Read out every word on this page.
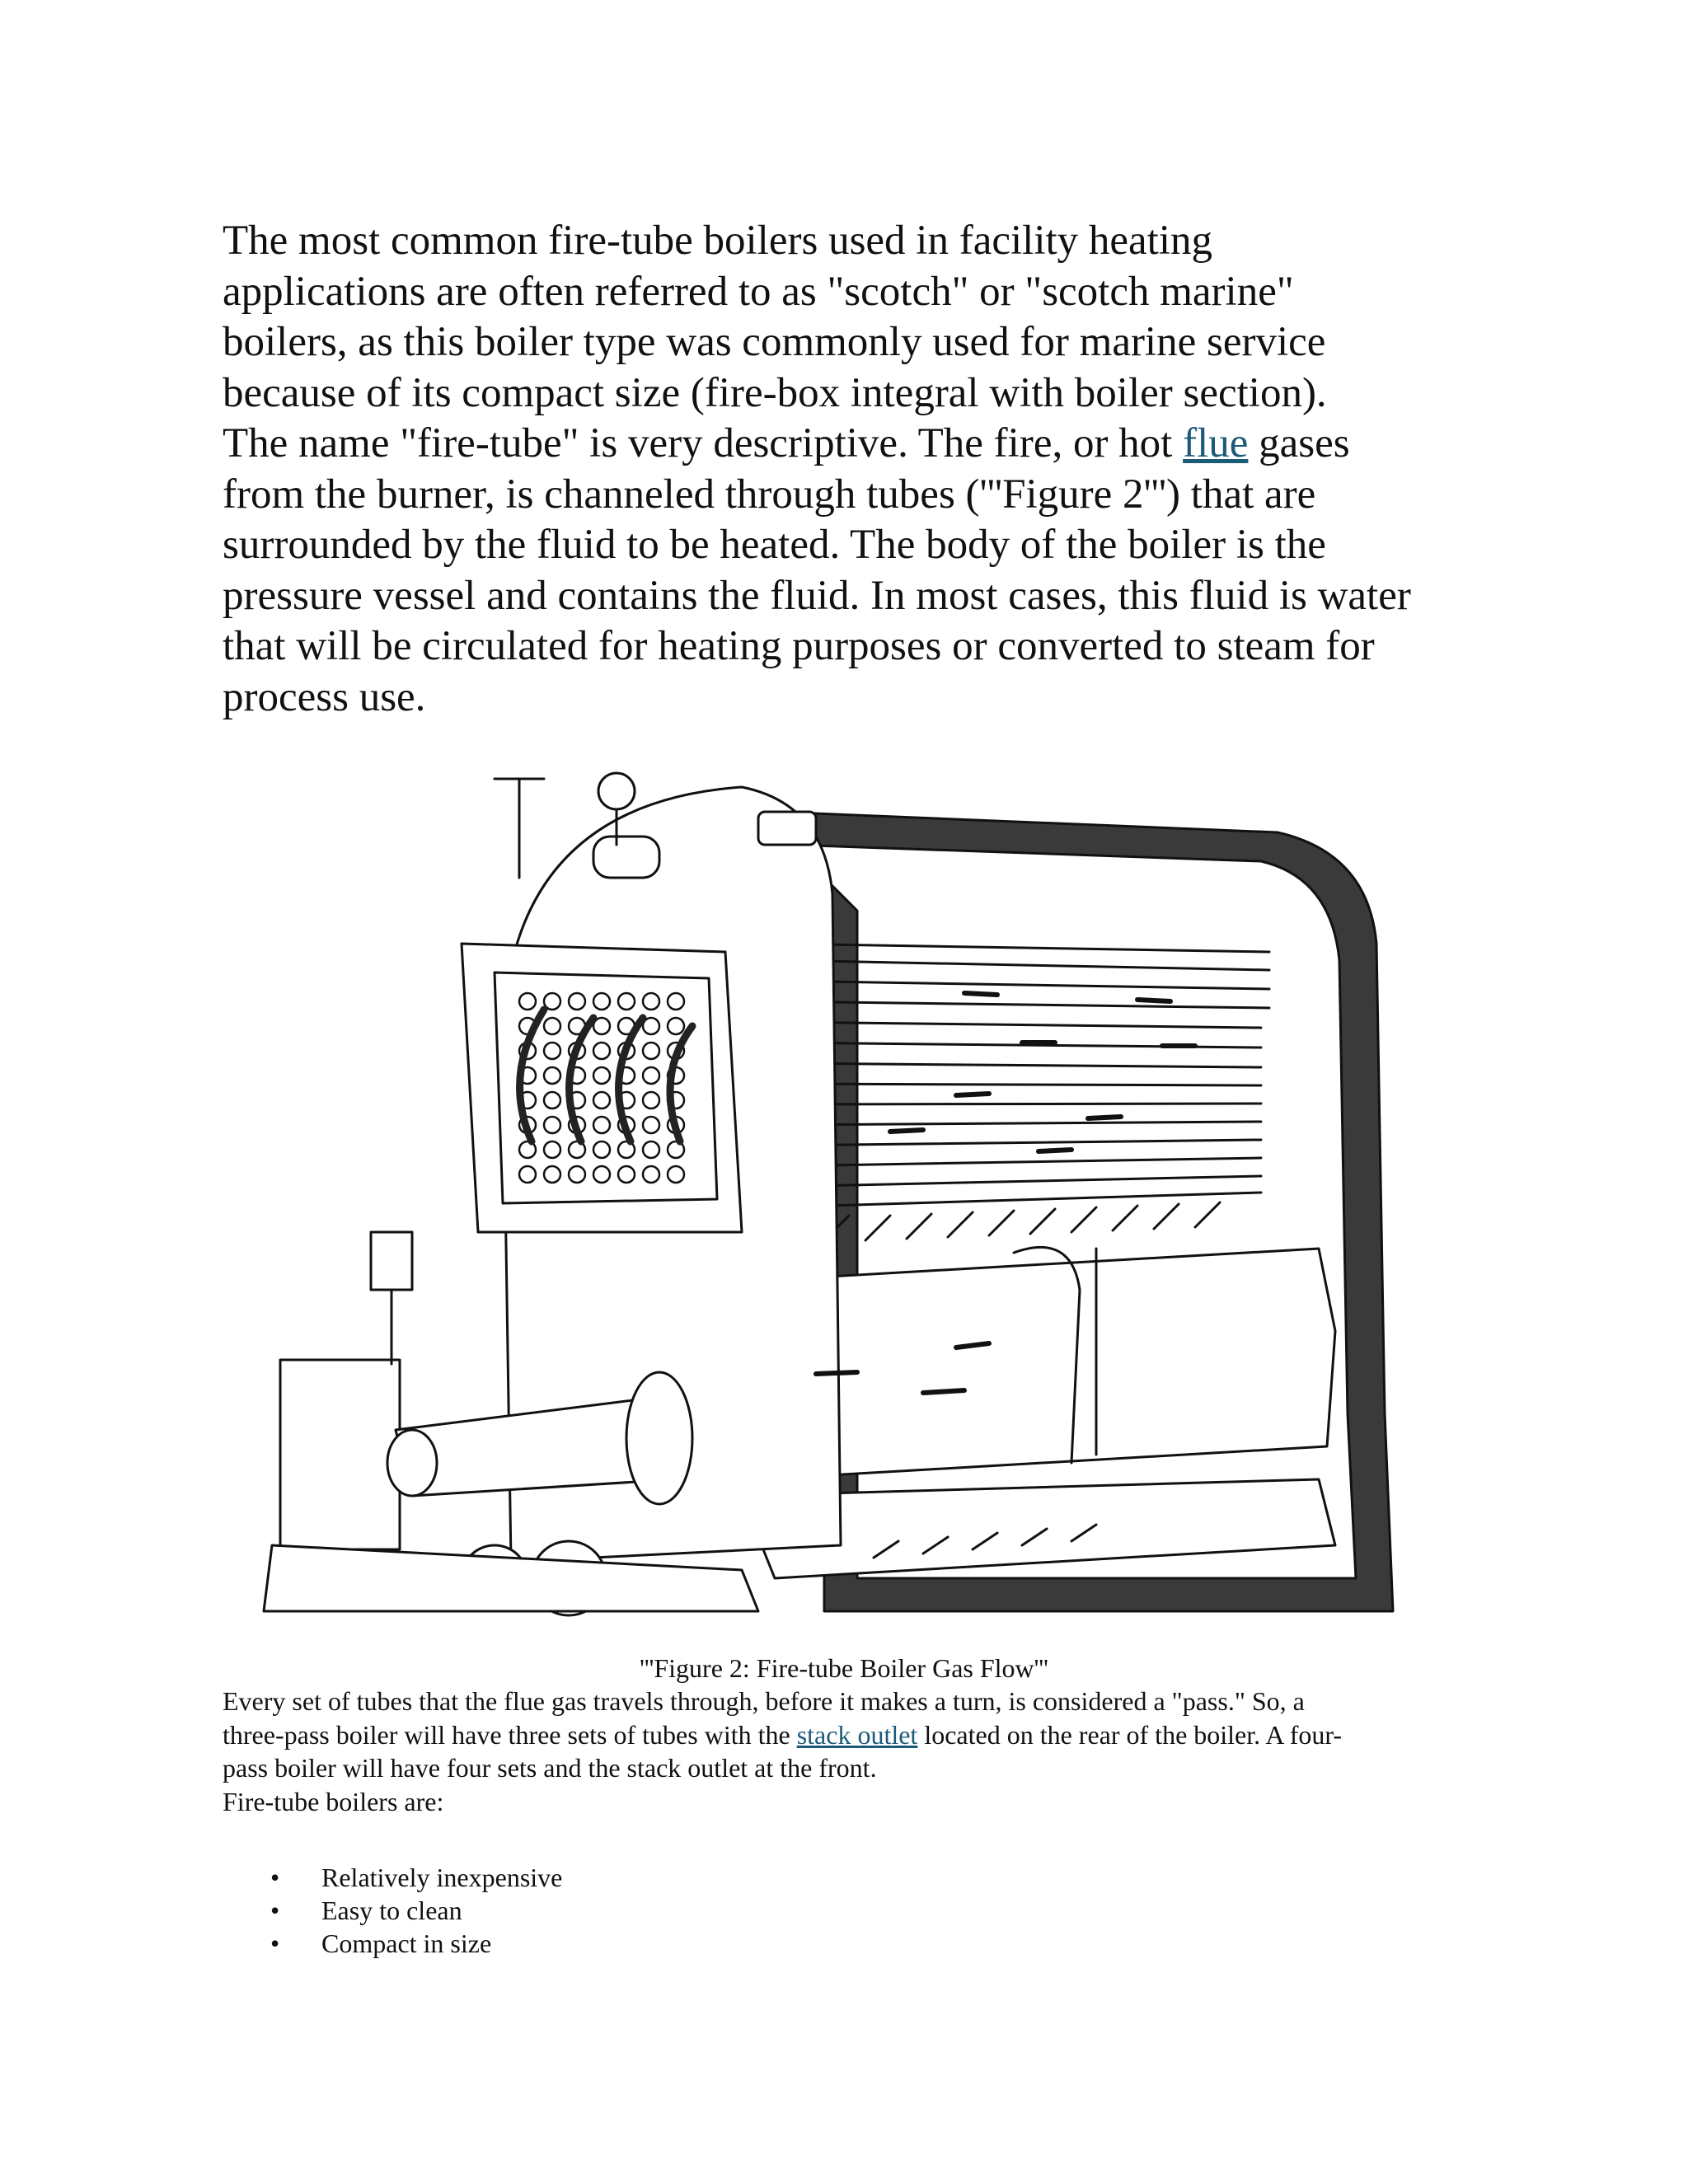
The most common fire-tube boilers used in facility heating
applications are often referred to as "scotch" or "scotch marine"
boilers, as this boiler type was commonly used for marine service
because of its compact size (fire-box integral with boiler section).
The name "fire-tube" is very descriptive. The fire, or hot flue gases
from the burner, is channeled through tubes ('''Figure 2''') that are
surrounded by the fluid to be heated. The body of the boiler is the
pressure vessel and contains the fluid. In most cases, this fluid is water
that will be circulated for heating purposes or converted to steam for
process use.

'''Figure 2: Fire-tube Boiler Gas Flow'''

Every set of tubes that the flue gas travels through, before it makes a turn, is considered a "pass." So, a
three-pass boiler will have three sets of tubes with the stack outlet located on the rear of the boiler. A four-
pass boiler will have four sets and the stack outlet at the front.
Fire-tube boilers are:

• Relatively inexpensive
• Easy to clean
• Compact in size
